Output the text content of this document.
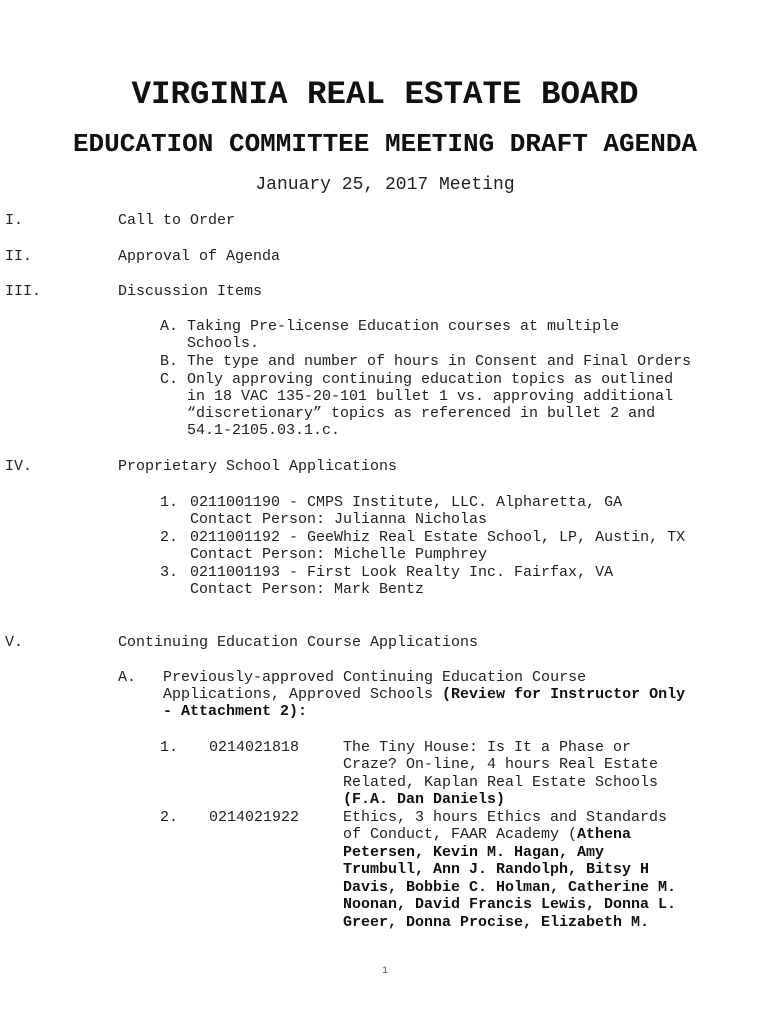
VIRGINIA REAL ESTATE BOARD
EDUCATION COMMITTEE MEETING DRAFT AGENDA
January 25, 2017 Meeting
I.	Call to Order
II.	Approval of Agenda
III.	Discussion Items
A. Taking Pre-license Education courses at multiple
Schools.
B. The type and number of hours in Consent and Final Orders
C. Only approving continuing education topics as outlined
in 18 VAC 135-20-101 bullet 1 vs. approving additional
“discretionary” topics as referenced in bullet 2 and
54.1-2105.03.1.c.
IV.	Proprietary School Applications
1. 0211001190 - CMPS Institute, LLC. Alpharetta, GA
Contact Person: Julianna Nicholas
2. 0211001192 - GeeWhiz Real Estate School, LP, Austin, TX
Contact Person: Michelle Pumphrey
3. 0211001193 - First Look Realty Inc. Fairfax, VA
Contact Person: Mark Bentz
V.	Continuing Education Course Applications
A. Previously-approved Continuing Education Course
Applications, Approved Schools (Review for Instructor Only
- Attachment 2):
1. 0214021818	The Tiny House: Is It a Phase or
Craze? On-line, 4 hours Real Estate
Related, Kaplan Real Estate Schools
(F.A. Dan Daniels)
2. 0214021922	Ethics, 3 hours Ethics and Standards
of Conduct, FAAR Academy (Athena
Petersen, Kevin M. Hagan, Amy
Trumbull, Ann J. Randolph, Bitsy H
Davis, Bobbie C. Holman, Catherine M.
Noonan, David Francis Lewis, Donna L.
Greer, Donna Procise, Elizabeth M.
1
